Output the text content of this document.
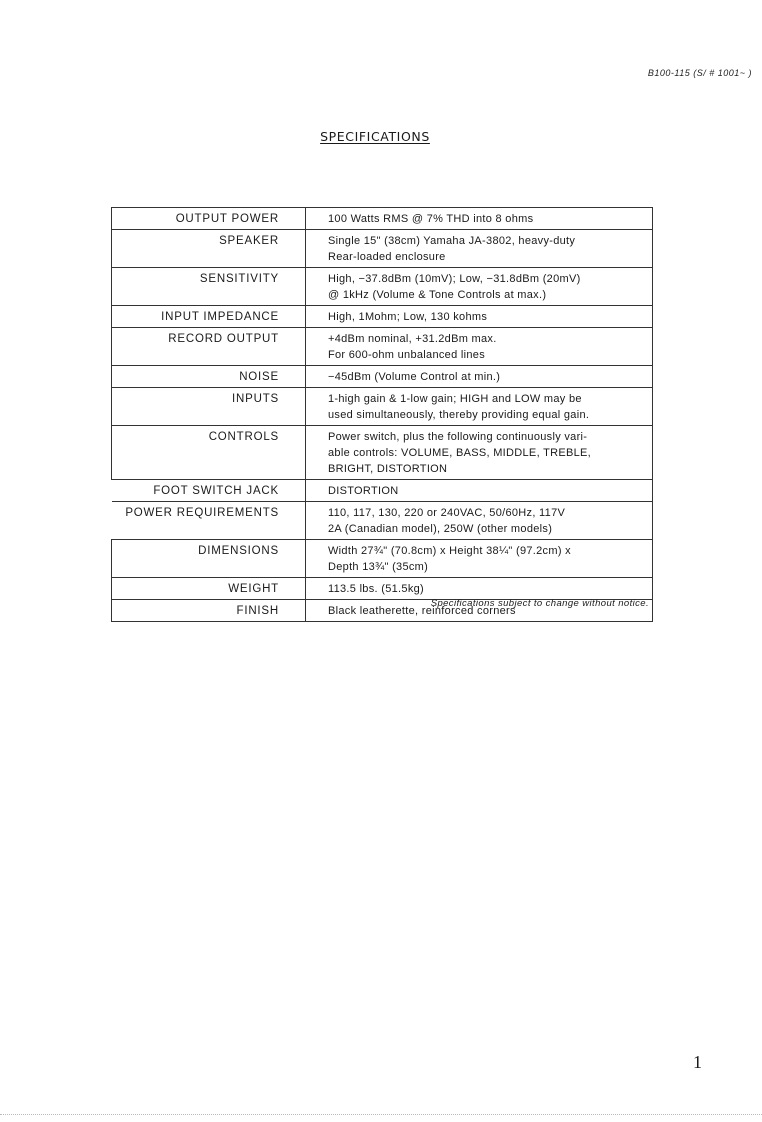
B100-115 (S/ # 1001~ )
SPECIFICATIONS
OUTPUT POWER	100 Watts RMS @ 7% THD into 8 ohms

SPEAKER	Single 15" (38cm) Yamaha JA-3802, heavy-duty
Rear-loaded enclosure

SENSITIVITY	High, −37.8dBm (10mV); Low, −31.8dBm (20mV)
@ 1kHz (Volume & Tone Controls at max.)

INPUT IMPEDANCE	High, 1Mohm; Low, 130 kohms

RECORD OUTPUT	+4dBm nominal, +31.2dBm max.
For 600-ohm unbalanced lines

NOISE	−45dBm (Volume Control at min.)

INPUTS	1-high gain & 1-low gain; HIGH and LOW may be
used simultaneously, thereby providing equal gain.

CONTROLS	Power switch, plus the following continuously vari-
able controls: VOLUME, BASS, MIDDLE, TREBLE,
BRIGHT, DISTORTION

FOOT SWITCH JACK	DISTORTION

POWER REQUIREMENTS	110, 117, 130, 220 or 240VAC, 50/60Hz, 117V
2A (Canadian model), 250W (other models)

DIMENSIONS	Width 27¾" (70.8cm) x Height 38¼" (97.2cm) x
Depth 13¾" (35cm)

WEIGHT	113.5 lbs. (51.5kg)

FINISH	Black leatherette, reinforced corners
Specifications subject to change without notice.
1
